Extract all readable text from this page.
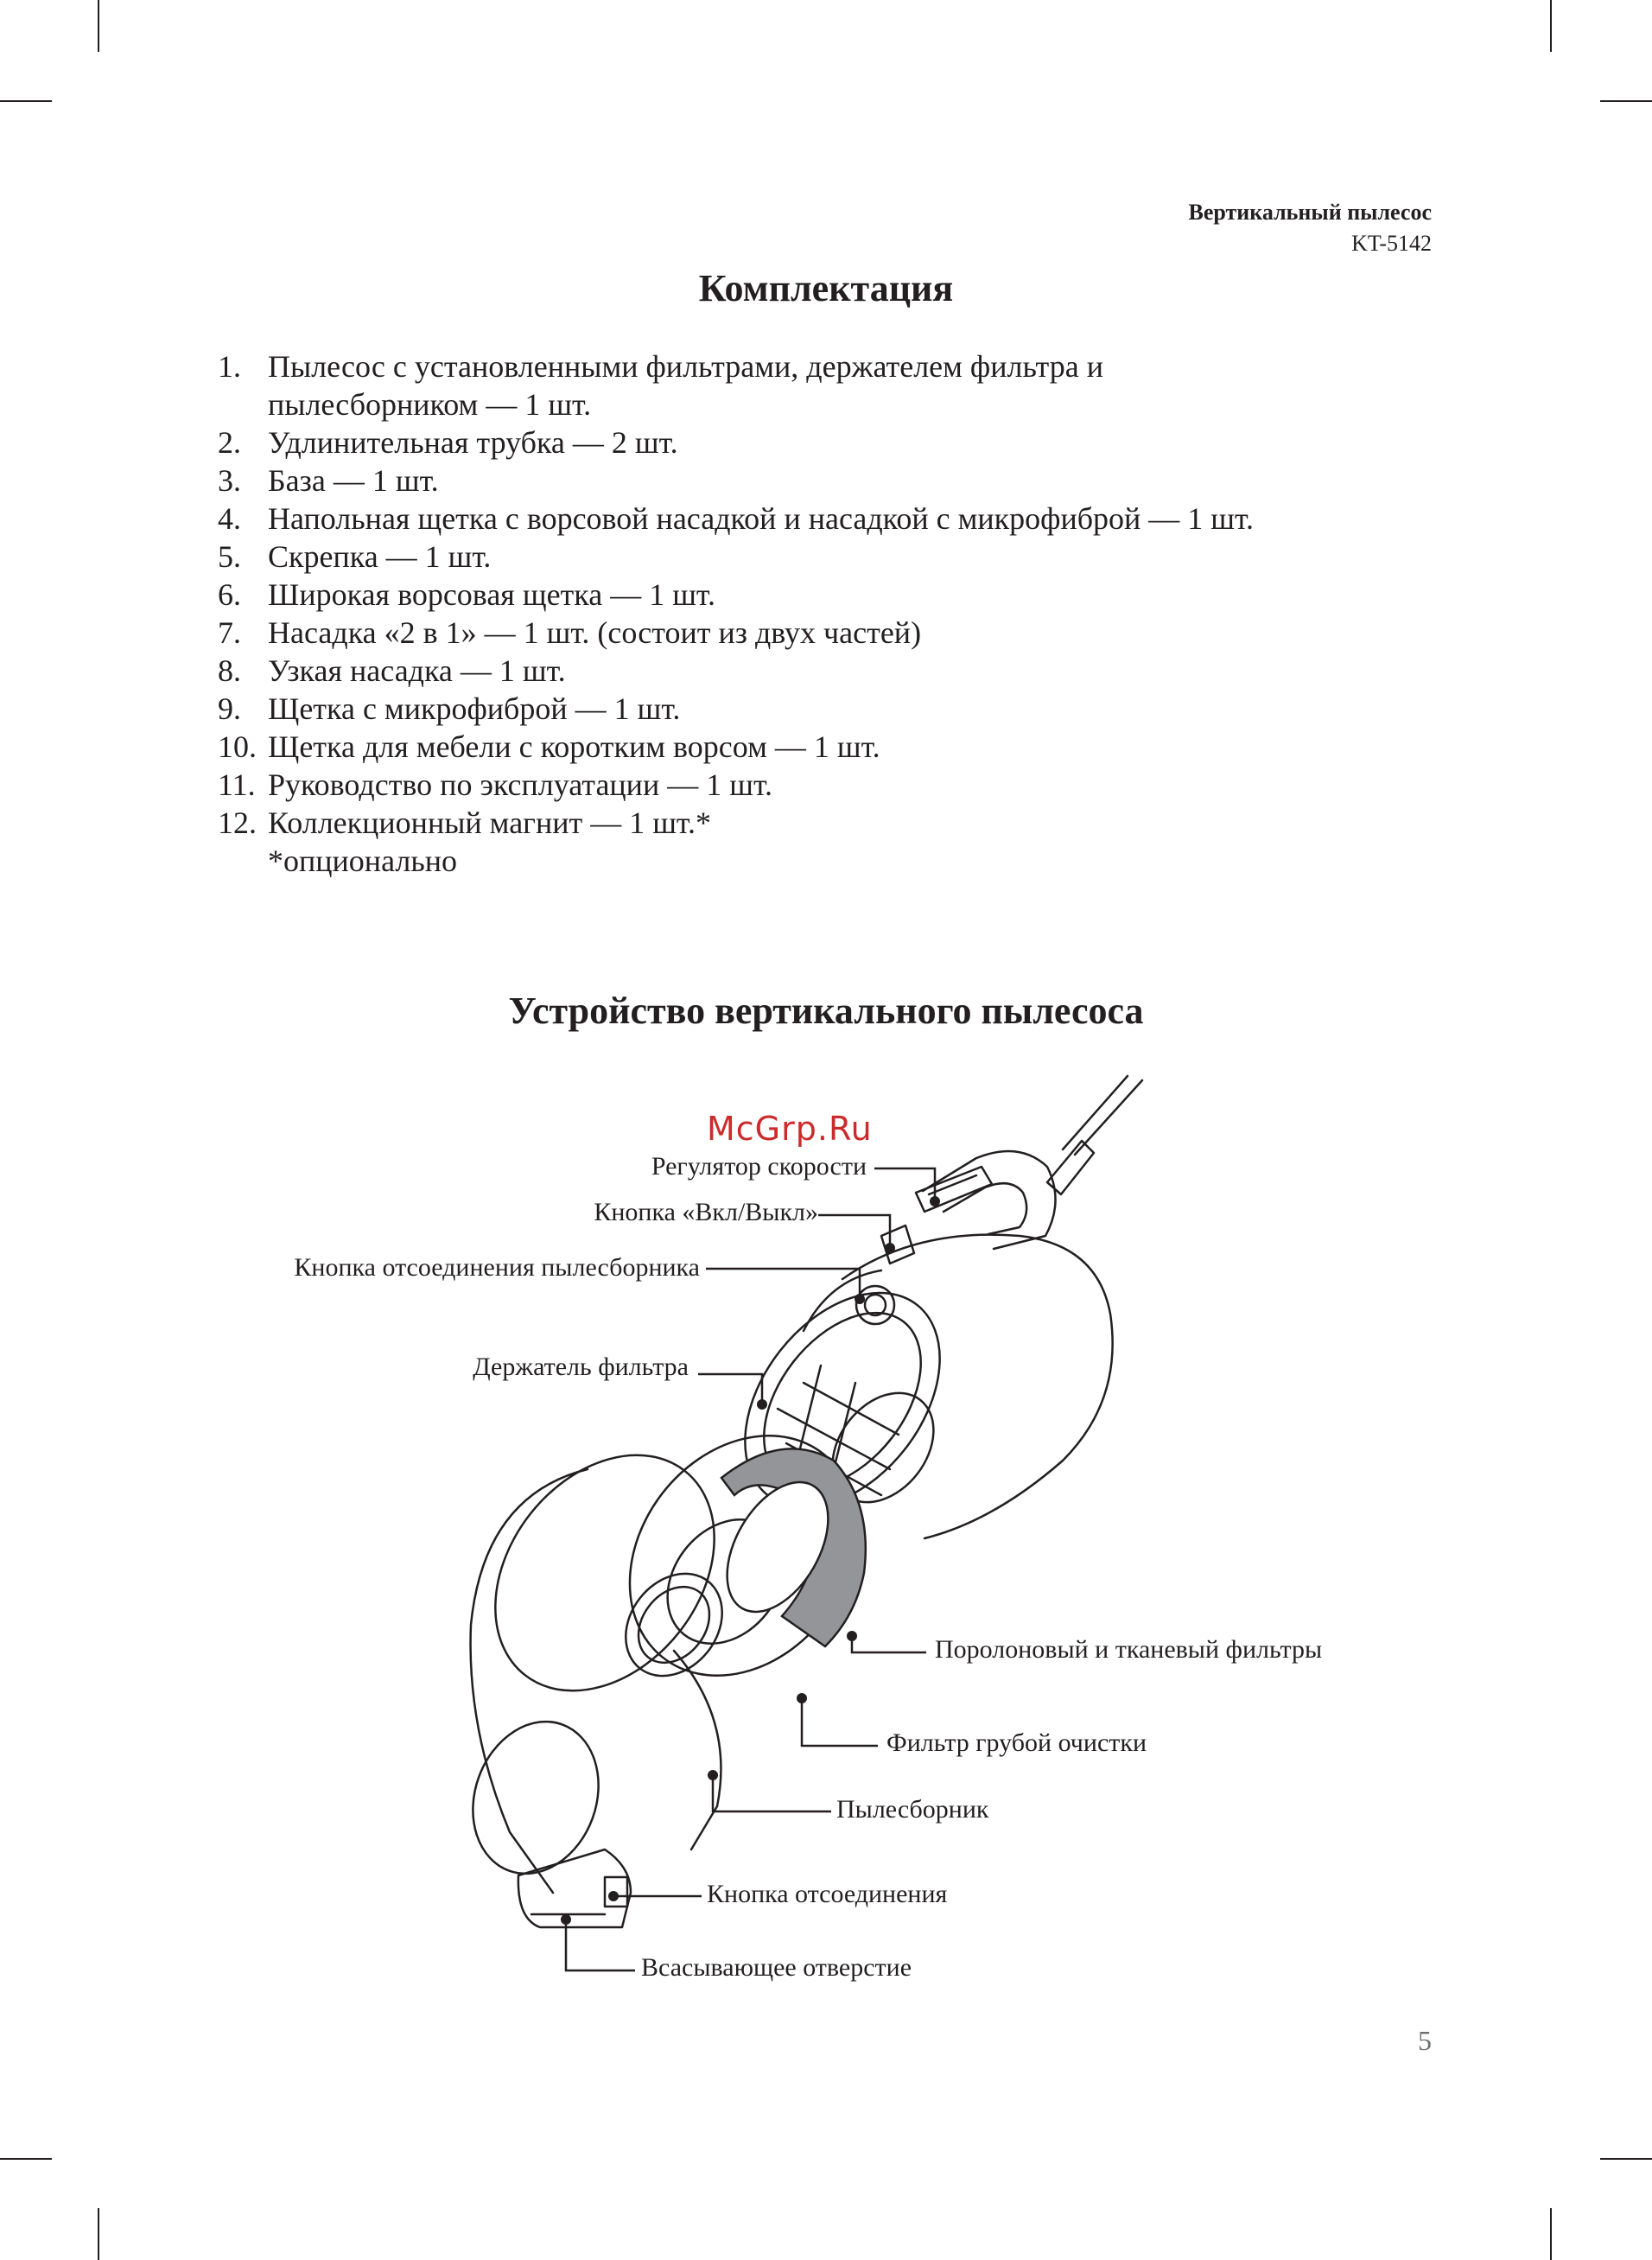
Вертикальный пылесос
KT-5142
Комплектация
1. Пылесос с установленными фильтрами, держателем фильтра и пылесборником — 1 шт.
2. Удлинительная трубка — 2 шт.
3. База — 1 шт.
4. Напольная щетка с ворсовой насадкой и насадкой с микрофиброй — 1 шт.
5. Скрепка — 1 шт.
6. Широкая ворсовая щетка — 1 шт.
7. Насадка «2 в 1» — 1 шт. (состоит из двух частей)
8. Узкая насадка — 1 шт.
9. Щетка с микрофиброй — 1 шт.
10. Щетка для мебели с коротким ворсом — 1 шт.
11. Руководство по эксплуатации — 1 шт.
12. Коллекционный магнит — 1 шт.*
*опционально
Устройство вертикального пылесоса
McGrp.Ru
Регулятор скорости
Кнопка «Вкл/Выкл»
Кнопка отсоединения пылесборника
Держатель фильтра
Поролоновый и тканевый фильтры
Фильтр грубой очистки
Пылесборник
Кнопка отсоединения
Всасывающее отверстие
5
